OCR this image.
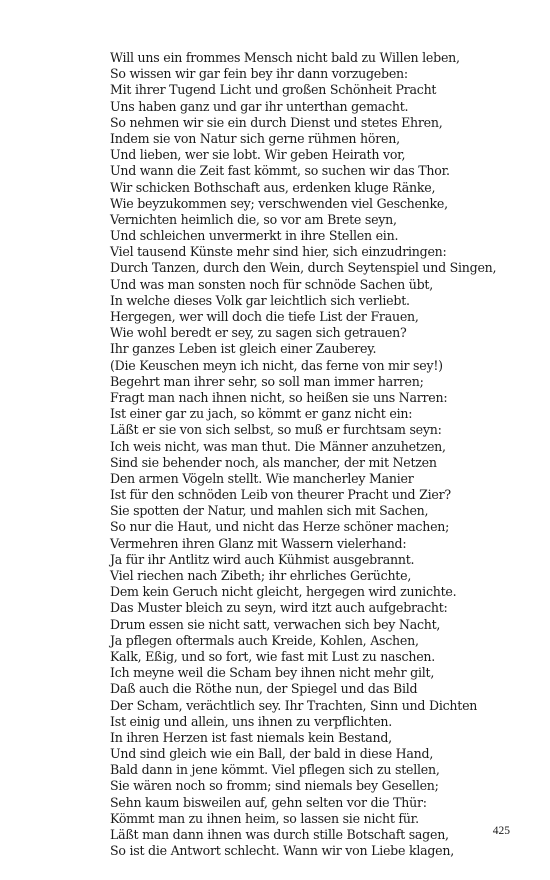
Will uns ein frommes Mensch nicht bald zu Willen leben,
So wissen wir gar fein bey ihr dann vorzugeben:
Mit ihrer Tugend Licht und großen Schönheit Pracht
Uns haben ganz und gar ihr unterthan gemacht.
So nehmen wir sie ein durch Dienst und stetes Ehren,
Indem sie von Natur sich gerne rühmen hören,
Und lieben, wer sie lobt. Wir geben Heirath vor,
Und wann die Zeit fast kömmt, so suchen wir das Thor.
Wir schicken Bothschaft aus, erdenken kluge Ränke,
Wie beyzukommen sey; verschwenden viel Geschenke,
Vernichten heimlich die, so vor am Brete seyn,
Und schleichen unvermerkt in ihre Stellen ein.
Viel tausend Künste mehr sind hier, sich einzudringen:
Durch Tanzen, durch den Wein, durch Seytenspiel und Singen,
Und was man sonsten noch für schnöde Sachen übt,
In welche dieses Volk gar leichtlich sich verliebt.
Hergegen, wer will doch die tiefe List der Frauen,
Wie wohl beredt er sey, zu sagen sich getrauen?
Ihr ganzes Leben ist gleich einer Zauberey.
(Die Keuschen meyn ich nicht, das ferne von mir sey!)
Begehrt man ihrer sehr, so soll man immer harren;
Fragt man nach ihnen nicht, so heißen sie uns Narren:
Ist einer gar zu jach, so kömmt er ganz nicht ein:
Läßt er sie von sich selbst, so muß er furchtsam seyn:
Ich weis nicht, was man thut. Die Männer anzuhetzen,
Sind sie behender noch, als mancher, der mit Netzen
Den armen Vögeln stellt. Wie mancherley Manier
Ist für den schnöden Leib von theurer Pracht und Zier?
Sie spotten der Natur, und mahlen sich mit Sachen,
So nur die Haut, und nicht das Herze schöner machen;
Vermehren ihren Glanz mit Wassern vielerhand:
Ja für ihr Antlitz wird auch Kühmist ausgebrannt.
Viel riechen nach Zibeth; ihr ehrliches Gerüchte,
Dem kein Geruch nicht gleicht, hergegen wird zunichte.
Das Muster bleich zu seyn, wird itzt auch aufgebracht:
Drum essen sie nicht satt, verwachen sich bey Nacht,
Ja pflegen oftermals auch Kreide, Kohlen, Aschen,
Kalk, Eßig, und so fort, wie fast mit Lust zu naschen.
Ich meyne weil die Scham bey ihnen nicht mehr gilt,
Daß auch die Röthe nun, der Spiegel und das Bild
Der Scham, verächtlich sey. Ihr Trachten, Sinn und Dichten
Ist einig und allein, uns ihnen zu verpflichten.
In ihren Herzen ist fast niemals kein Bestand,
Und sind gleich wie ein Ball, der bald in diese Hand,
Bald dann in jene kömmt. Viel pflegen sich zu stellen,
Sie wären noch so fromm; sind niemals bey Gesellen;
Sehn kaum bisweilen auf, gehn selten vor die Thür:
Kömmt man zu ihnen heim, so lassen sie nicht für.
Läßt man dann ihnen was durch stille Botschaft sagen,
So ist die Antwort schlecht. Wann wir von Liebe klagen,
425
